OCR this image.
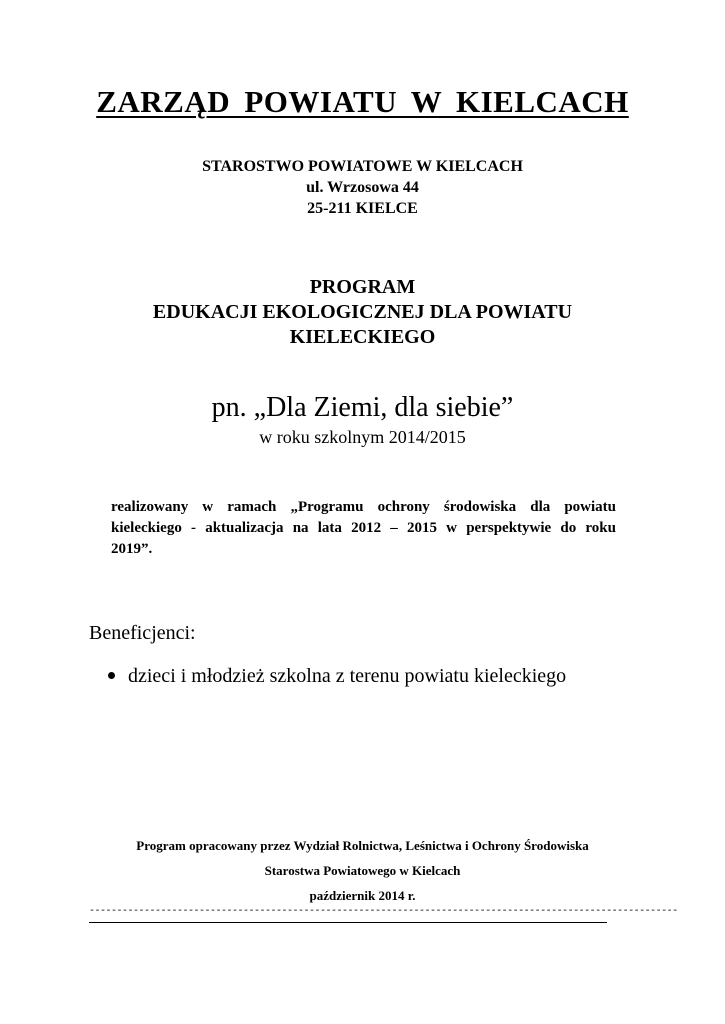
ZARZĄD POWIATU W KIELCACH
STAROSTWO POWIATOWE W KIELCACH
ul. Wrzosowa 44
25-211 KIELCE
PROGRAM
EDUKACJI EKOLOGICZNEJ DLA POWIATU
KIELECKIEGO
pn. „Dla Ziemi, dla siebie”
w roku szkolnym 2014/2015
realizowany w ramach „Programu ochrony środowiska dla powiatu
kieleckiego - aktualizacja na lata 2012 – 2015 w perspektywie do roku
2019”.
Beneficjenci:
dzieci i młodzież szkolna z terenu powiatu kieleckiego
Program opracowany przez Wydział Rolnictwa, Leśnictwa i Ochrony Środowiska
Starostwa Powiatowego w Kielcach
październik 2014 r.
-----------------------------------------------------------------------------------------------------------
